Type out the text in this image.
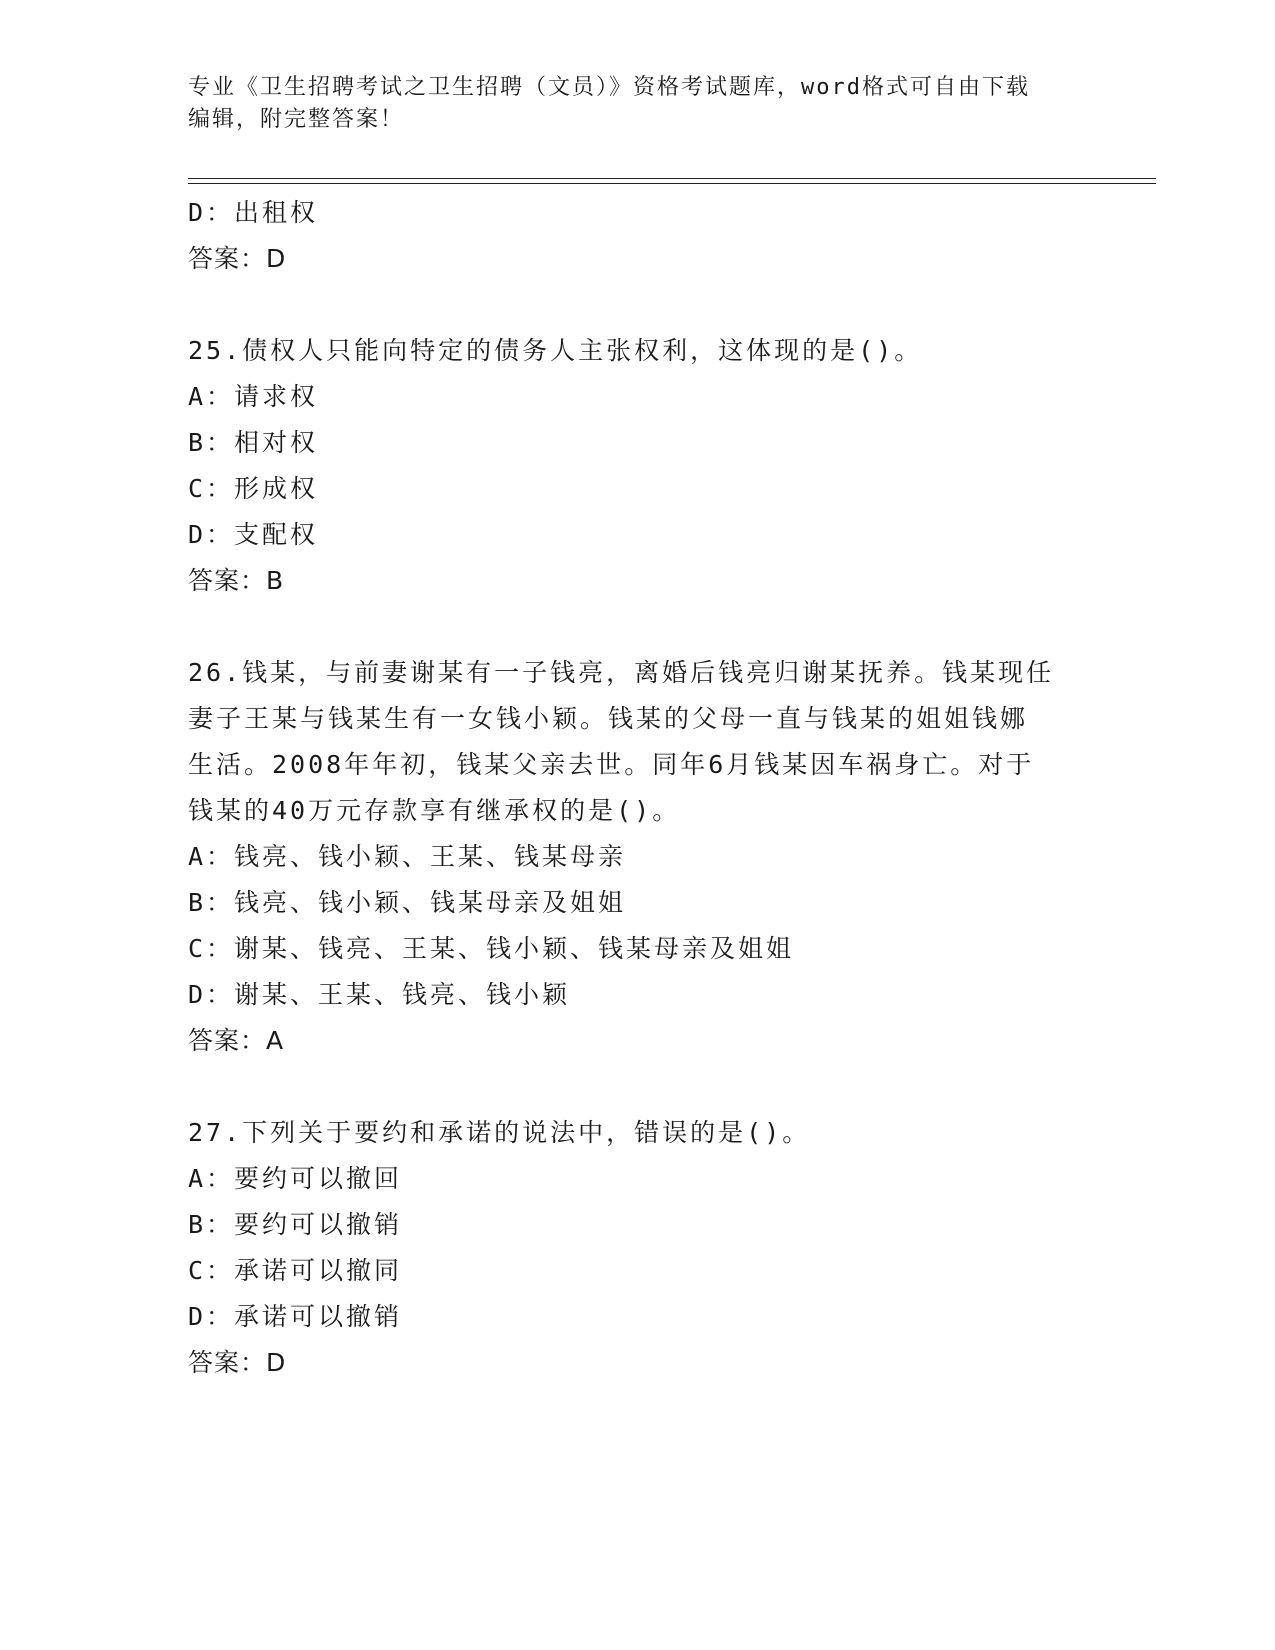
专业《卫生招聘考试之卫生招聘（文员）》资格考试题库，word格式可自由下载
编辑，附完整答案！
D：出租权
答案：D
25.债权人只能向特定的债务人主张权利，这体现的是()。
A：请求权
B：相对权
C：形成权
D：支配权
答案：B
26.钱某，与前妻谢某有一子钱亮，离婚后钱亮归谢某抚养。钱某现任
妻子王某与钱某生有一女钱小颖。钱某的父母一直与钱某的姐姐钱娜
生活。2008年年初，钱某父亲去世。同年6月钱某因车祸身亡。对于
钱某的40万元存款享有继承权的是()。
A：钱亮、钱小颖、王某、钱某母亲
B：钱亮、钱小颖、钱某母亲及姐姐
C：谢某、钱亮、王某、钱小颖、钱某母亲及姐姐
D：谢某、王某、钱亮、钱小颖
答案：A
27.下列关于要约和承诺的说法中，错误的是()。
A：要约可以撤回
B：要约可以撤销
C：承诺可以撤同
D：承诺可以撤销
答案：D
